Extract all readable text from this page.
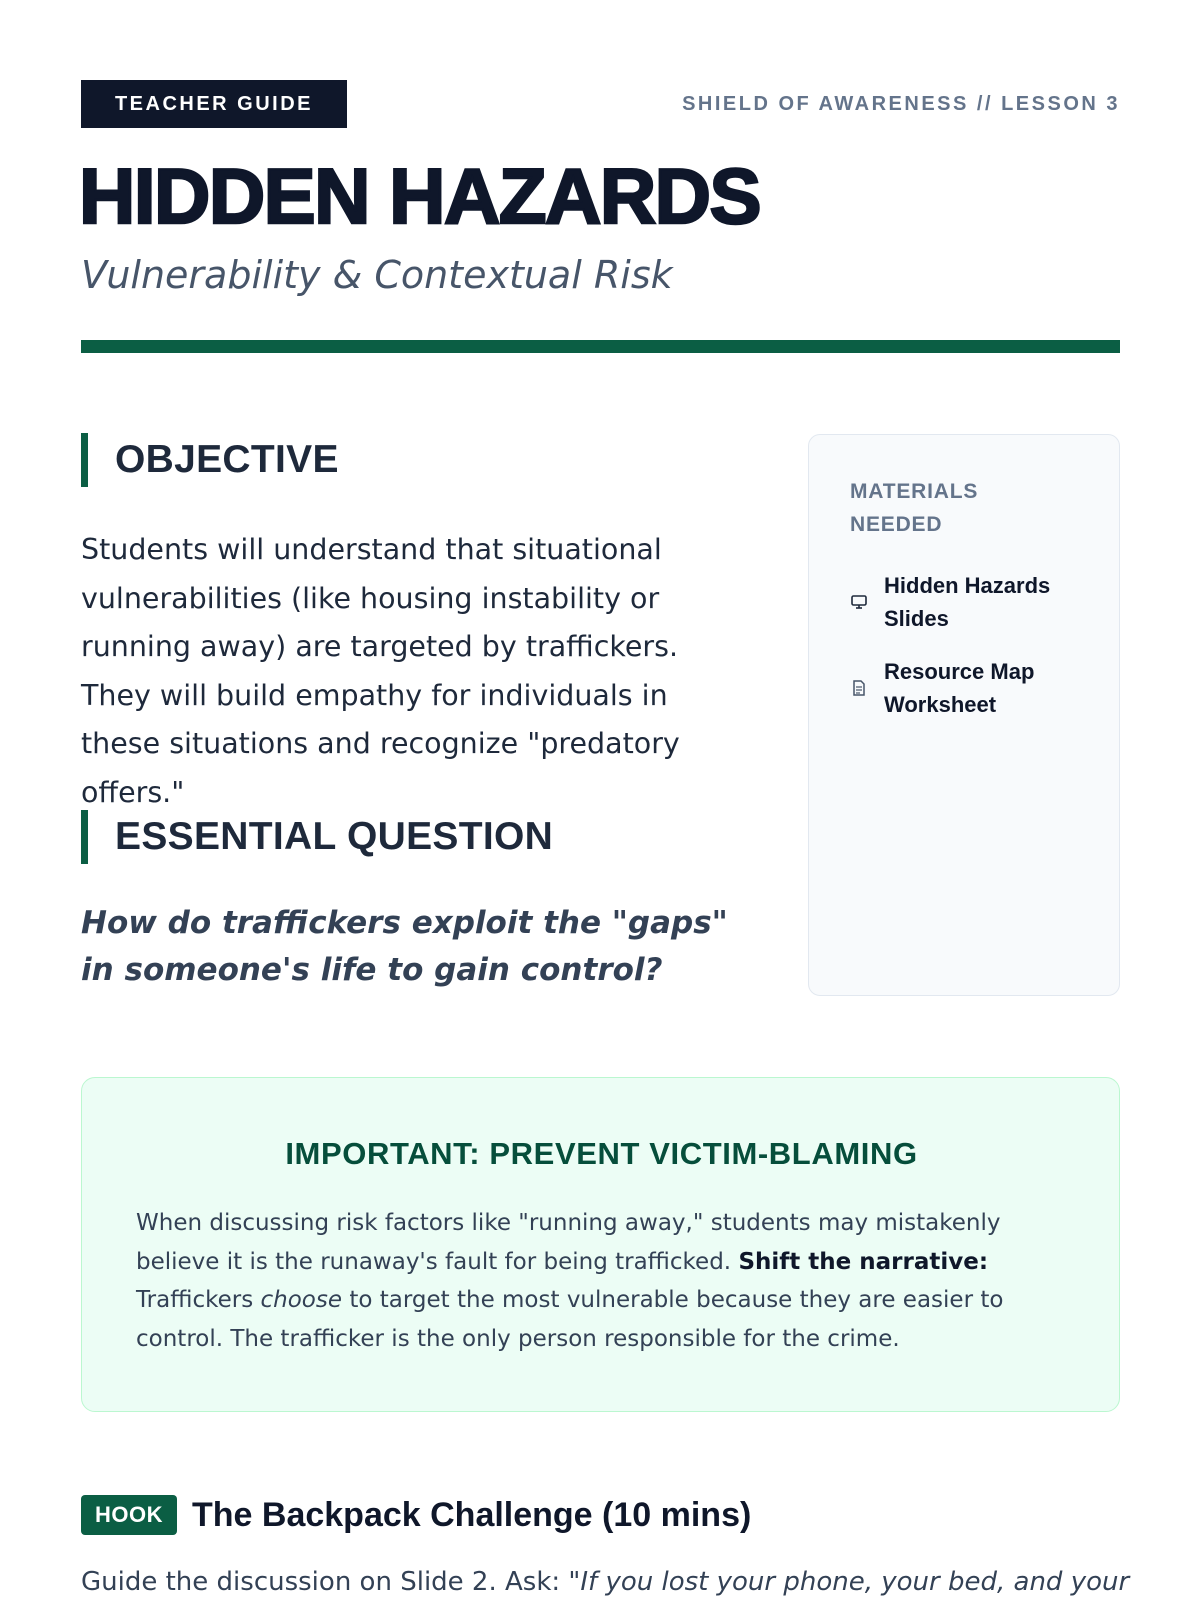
TEACHER GUIDE	SHIELD OF AWARENESS // LESSON 3
HIDDEN HAZARDS
Vulnerability & Contextual Risk
OBJECTIVE

Students will understand that situational vulnerabilities (like housing instability or running away) are targeted by traffickers. They will build empathy for individuals in these situations and recognize "predatory offers."

ESSENTIAL QUESTION

How do traffickers exploit the "gaps" in someone's life to gain control?

MATERIALS NEEDED
Hidden Hazards Slides
Resource Map Worksheet
IMPORTANT: PREVENT VICTIM-BLAMING

When discussing risk factors like "running away," students may mistakenly believe it is the runaway's fault for being trafficked. Shift the narrative: Traffickers choose to target the most vulnerable because they are easier to control. The trafficker is the only person responsible for the crime.

HOOK The Backpack Challenge (10 mins)

Guide the discussion on Slide 2. Ask: "If you lost your phone, your bed, and your
